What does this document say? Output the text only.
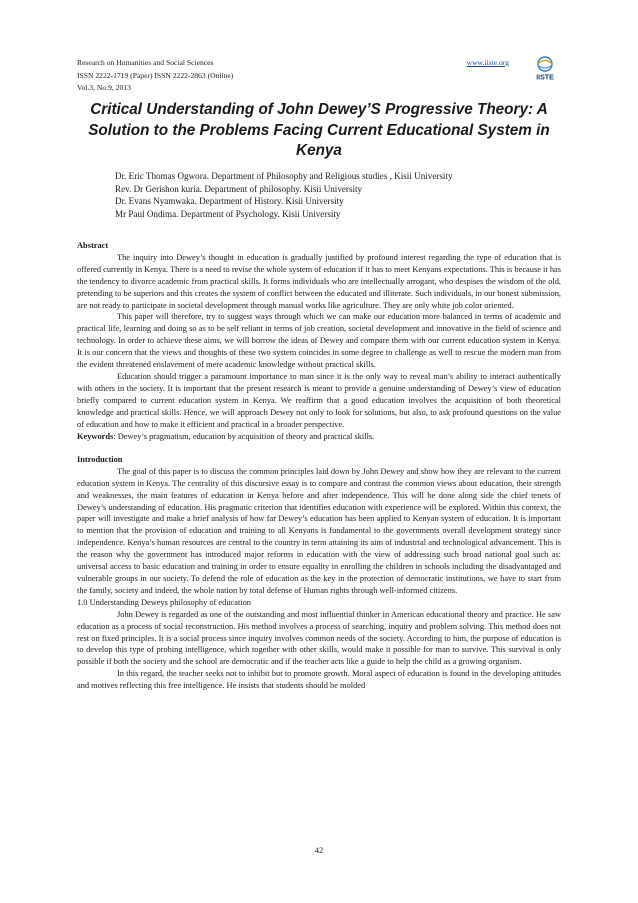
Research on Humanities and Social Sciences
ISSN 2222-1719 (Paper) ISSN 2222-2863 (Online)
Vol.3, No.9, 2013
www.iiste.org
IISTE
Critical Understanding of John Dewey’S Progressive Theory: A Solution to the Problems Facing Current Educational System in Kenya
Dr. Eric Thomas Ogwora. Department of Philosophy and Religious studies , Kisii University
Rev. Dr Gerishon kuria. Department of philosophy. Kisii University
Dr. Evans Nyamwaka. Department of History. Kisii University
Mr Paul Ondima. Department of Psychology. Kisii University

Abstract

The inquiry into Dewey’s thought in education is gradually justified by profound interest regarding the type of education that is offered currently in Kenya. There is a need to revise the whole system of education if it has to meet Kenyans expectations. This is because it has the tendency to divorce academic from practical skills. It forms individuals who are intellectually arrogant, who despises the wisdom of the old, pretending to be superiors and this creates the system of conflict between the educated and illiterate. Such individuals, in our honest submission, are not ready to participate in societal development through manual works like agriculture. They are only white job color oriented.

This paper will therefore, try to suggest ways through which we can make our education more balanced in terms of academic and practical life, learning and doing so as to be self reliant in terms of job creation, societal development and innovative in the field of science and technology. In order to achieve these aims, we will borrow the ideas of Dewey and compare them with our current education system in Kenya. It is our concern that the views and thoughts of these two system coincides in some degree to challenge as well to rescue the modern man from the evident threatened enslavement of mere academic knowledge without practical skills.

Education should trigger a paramount importance to man since it is the only way to reveal man’s ability to interact authentically with others in the society. It is important that the present research is meant to provide a genuine understanding of Dewey’s view of education briefly compared to current education system in Kenya. We reaffirm that a good education involves the acquisition of both theoretical knowledge and practical skills. Hence, we will approach Dewey not only to look for solutions, but also, to ask profound questions on the value of education and how to make it efficient and practical in a broader perspective.

Keywords: Dewey’s pragmatism, education by acquisition of theory and practical skills.

Introduction

The goal of this paper is to discuss the common principles laid down by John Dewey and show how they are relevant to the current education system in Kenya. The centrality of this discursive essay is to compare and contrast the common views about education, their strength and weaknesses, the main features of education in Kenya before and after independence. This will be done along side the chief tenets of Dewey’s understanding of education. His pragmatic criterion that identifies education with experience will be explored. Within this context, the paper will investigate and make a brief analysis of how far Dewey’s education has been applied to Kenyan system of education. It is important to mention that the provision of education and training to all Kenyans is fundamental to the governments overall development strategy since independence. Kenya’s human resources are central to the country in term attaining its aim of industrial and technological advancement. This is the reason why the government has introduced major reforms in education with the view of addressing such broad national goal such as: universal access to basic education and training in order to ensure equality in enrolling the children in schools including the disadvantaged and vulnerable groups in our society. To defend the role of education as the key in the protection of democratic institutions, we have to start from the family, society and indeed, the whole nation by total defense of Human rights through well-informed citizens.

1.0 Understanding Deweys philosophy of education

John Dewey is regarded as one of the outstanding and most influential thinker in American educational theory and practice. He saw education as a process of social reconstruction. His method involves a process of searching, inquiry and problem solving. This method does not rest on fixed principles. It is a social process since inquiry involves common needs of the society. According to him, the purpose of education is to develop this type of probing intelligence, which together with other skills, would make it possible for man to survive. This survival is only possible if both the society and the school are democratic and if the teacher acts like a guide to help the child as a growing organism.

In this regard, the teacher seeks not to inhibit but to promote growth. Moral aspect of education is found in the developing attitudes and motives reflecting this free intelligence. He insists that students should be molded

42
